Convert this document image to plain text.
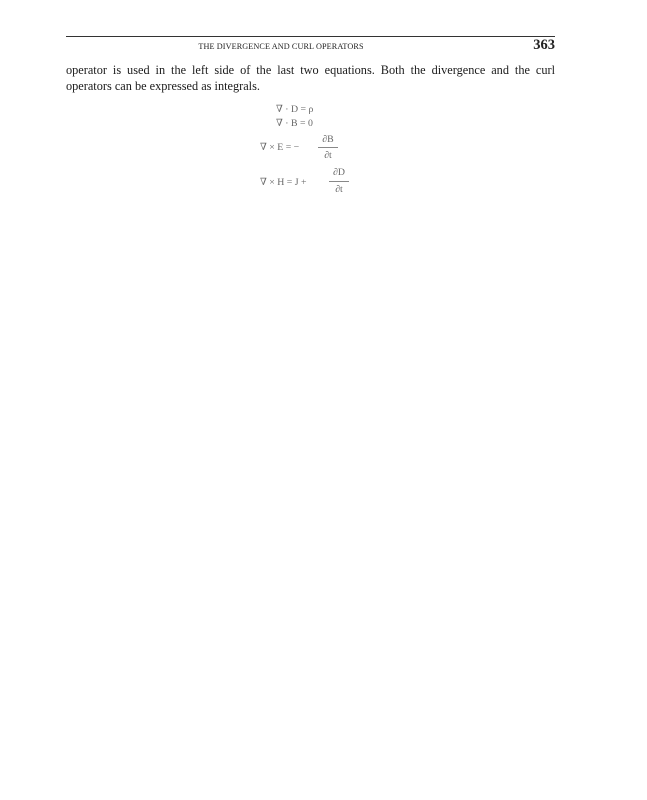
THE DIVERGENCE AND CURL OPERATORS	363
operator is used in the left side of the last two equations. Both the divergence and the curl
operators can be expressed as integrals.
∇ · D = ρ
∇ · B = 0
∇ × E = −
∂B
∂t
∇ × H = J +
∂D
∂t
